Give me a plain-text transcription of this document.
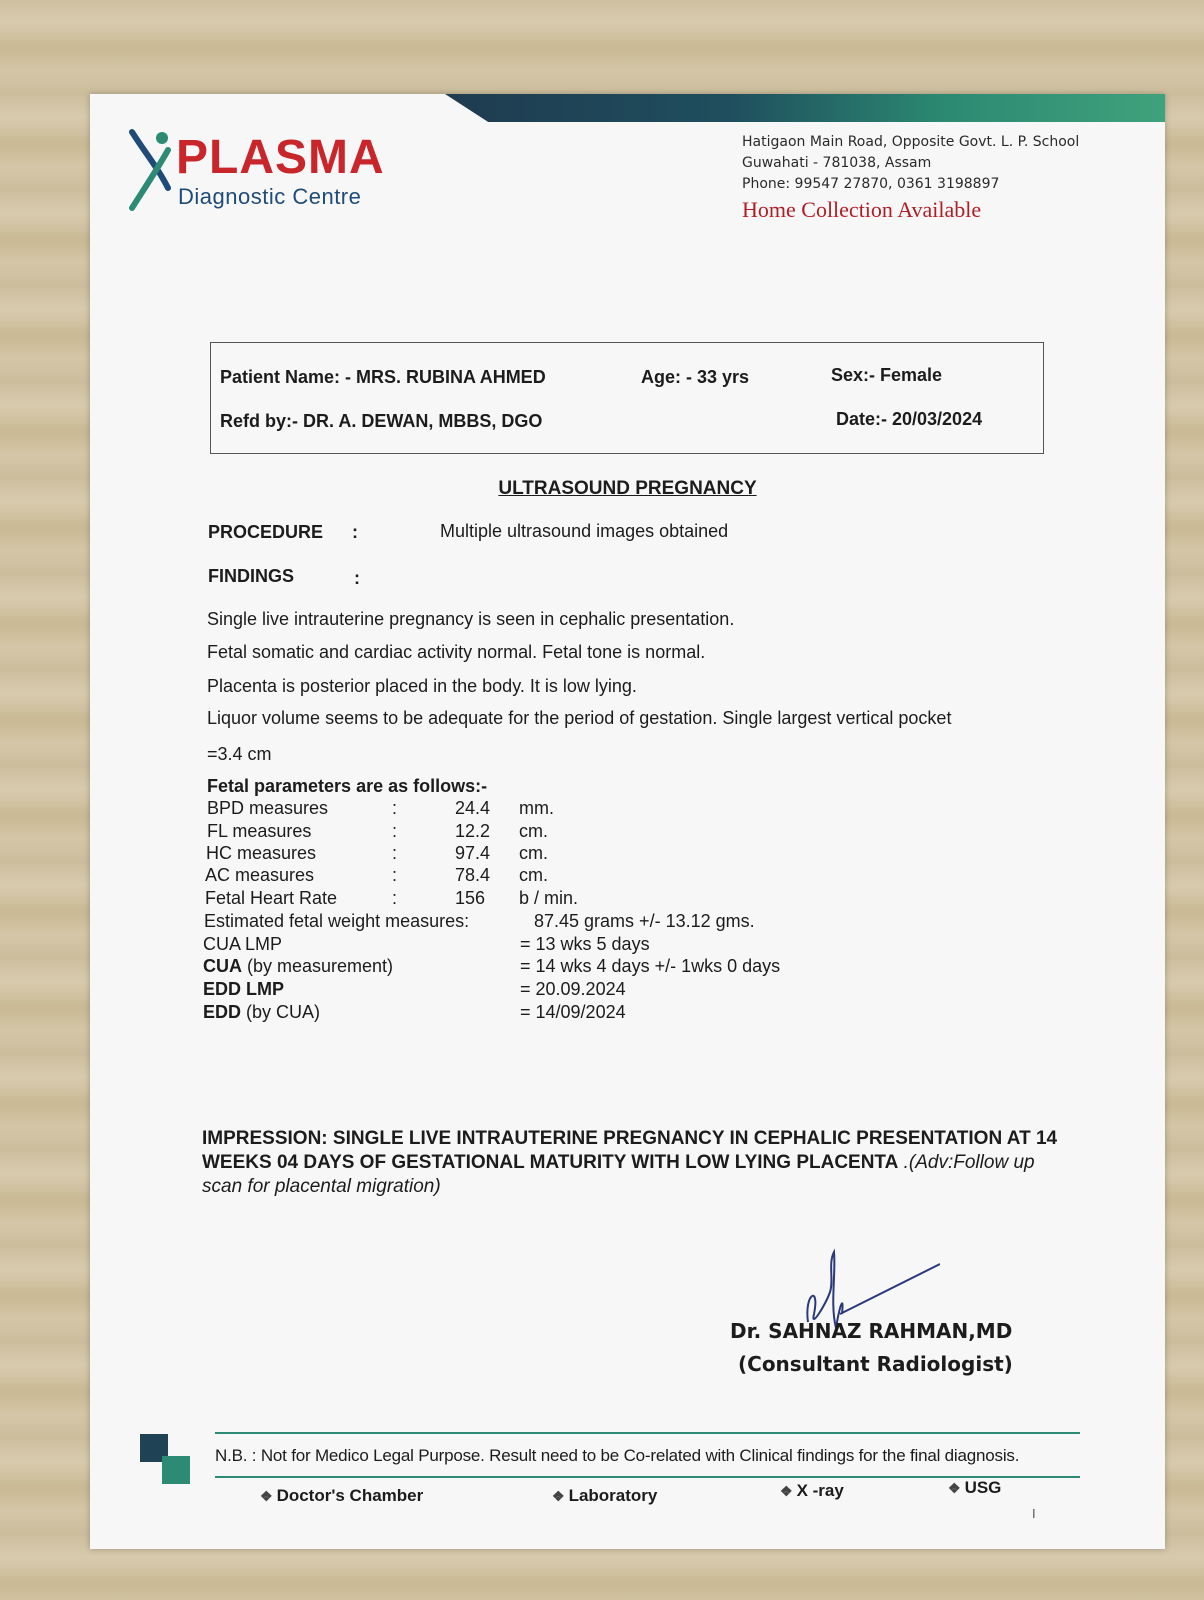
PLASMA
Diagnostic Centre
Hatigaon Main Road, Opposite Govt. L. P. School
Guwahati - 781038, Assam
Phone: 99547 27870, 0361 3198897
Home Collection Available
Patient Name: - MRS. RUBINA AHMED	Age: - 33 yrs	Sex:- Female
Refd by:- DR. A. DEWAN, MBBS, DGO	Date:- 20/03/2024
ULTRASOUND PREGNANCY
PROCEDURE :	Multiple ultrasound images obtained
FINDINGS	:
Single live intrauterine pregnancy is seen in cephalic presentation.
Fetal somatic and cardiac activity normal. Fetal tone is normal.
Placenta is posterior placed in the body. It is low lying.
Liquor volume seems to be adequate for the period of gestation. Single largest vertical pocket
=3.4 cm
Fetal parameters are as follows:-
BPD measures	:	24.4 mm.
FL measures	:	12.2 cm.
HC measures	:	97.4 cm.
AC measures	:	78.4 cm.
Fetal Heart Rate	:	156 b / min.
Estimated fetal weight measures:	87.45 grams +/- 13.12 gms.
CUA LMP	= 13 wks 5 days
CUA (by measurement)	= 14 wks 4 days +/- 1wks 0 days
EDD LMP	= 20.09.2024
EDD (by CUA)	= 14/09/2024
IMPRESSION: SINGLE LIVE INTRAUTERINE PREGNANCY IN CEPHALIC PRESENTATION AT 14 WEEKS 04 DAYS OF GESTATIONAL MATURITY WITH LOW LYING PLACENTA .(Adv:Follow up scan for placental migration)
Dr. SAHNAZ RAHMAN,MD
(Consultant Radiologist)
N.B. : Not for Medico Legal Purpose. Result need to be Co-related with Clinical findings for the final diagnosis.
❖ Doctor's Chamber	❖ Laboratory	❖ X -ray	❖ USG
I
